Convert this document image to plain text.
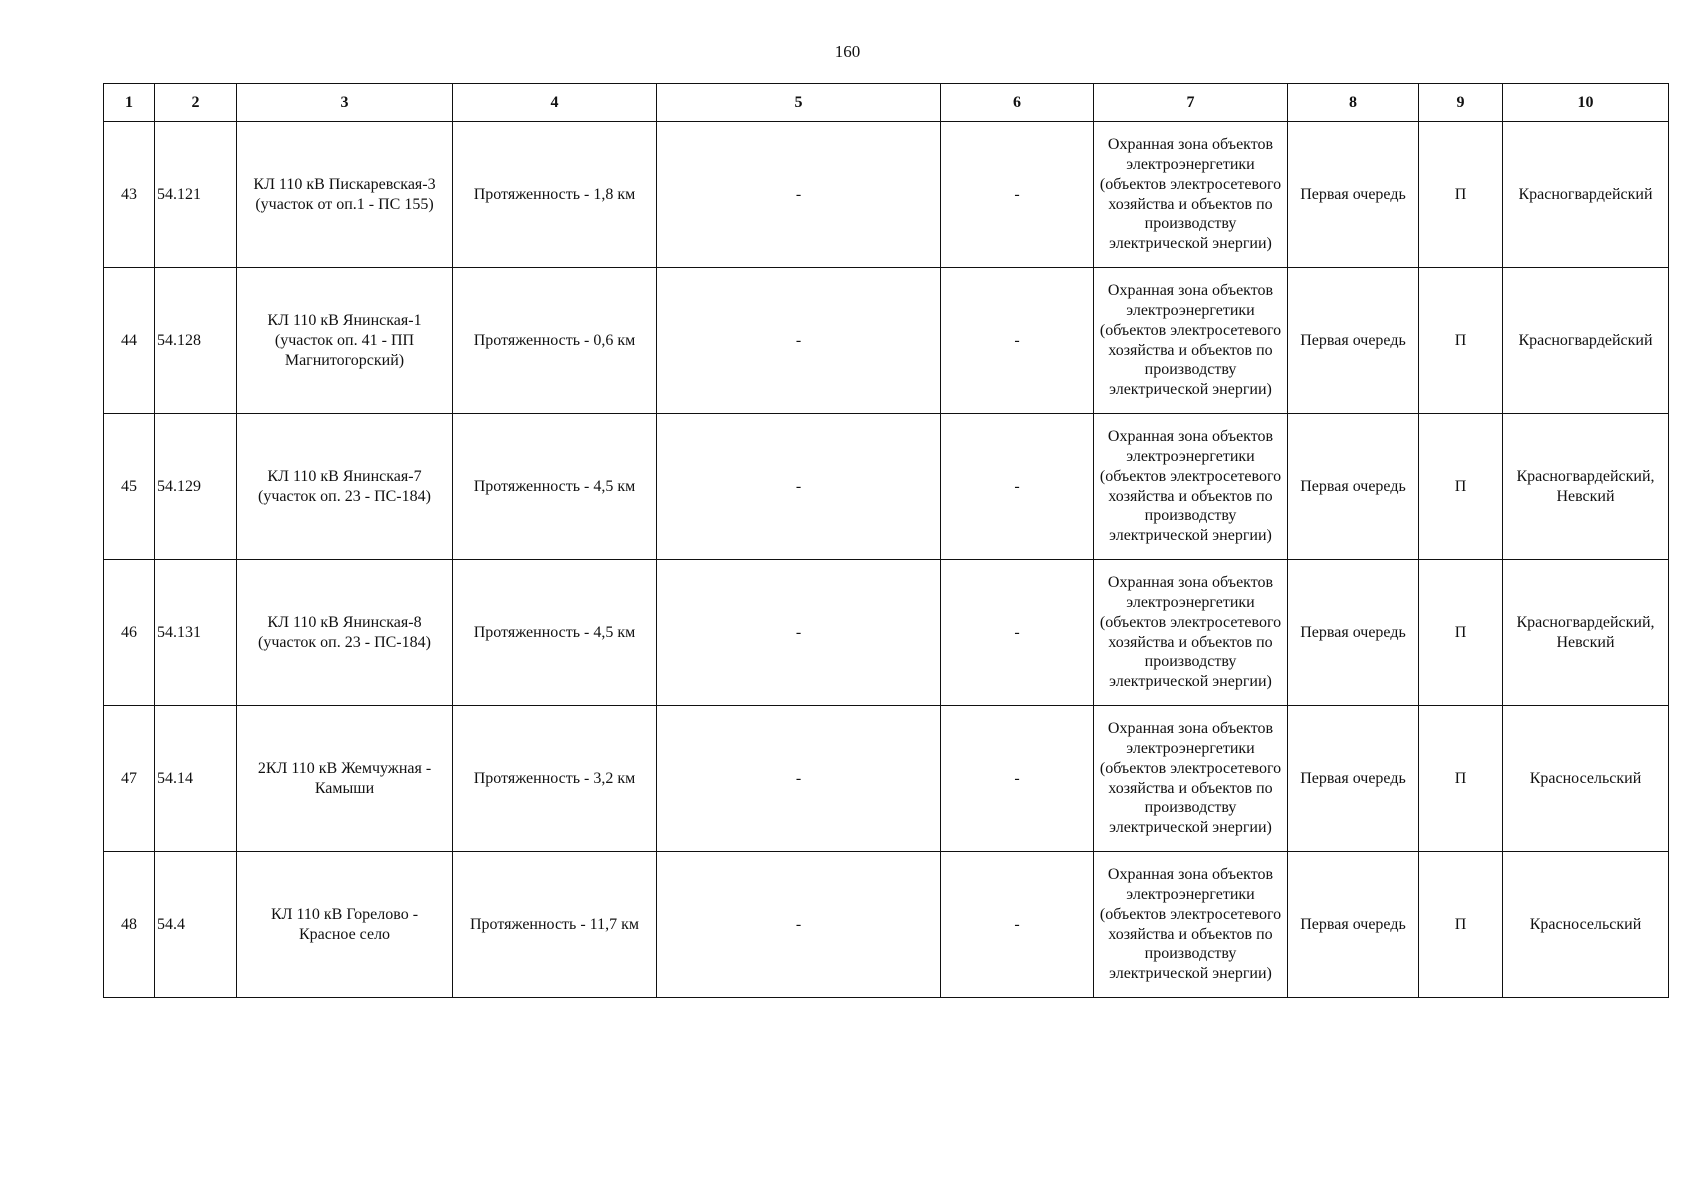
160
1	2	3	4	5	6	7	8	9	10
43	54.121	КЛ 110 кВ Пискаревская-3 (участок от оп.1 - ПС 155)	Протяженность - 1,8 км	-	-	Охранная зона объектов электроэнергетики (объектов электросетевого хозяйства и объектов по производству электрической энергии)	Первая очередь	П	Красногвардейский
44	54.128	КЛ 110 кВ Янинская-1 (участок оп. 41 - ПП Магнитогорский)	Протяженность - 0,6 км	-	-	Охранная зона объектов электроэнергетики (объектов электросетевого хозяйства и объектов по производству электрической энергии)	Первая очередь	П	Красногвардейский
45	54.129	КЛ 110 кВ Янинская-7 (участок оп. 23 - ПС-184)	Протяженность - 4,5 км	-	-	Охранная зона объектов электроэнергетики (объектов электросетевого хозяйства и объектов по производству электрической энергии)	Первая очередь	П	Красногвардейский, Невский
46	54.131	КЛ 110 кВ Янинская-8 (участок оп. 23 - ПС-184)	Протяженность - 4,5 км	-	-	Охранная зона объектов электроэнергетики (объектов электросетевого хозяйства и объектов по производству электрической энергии)	Первая очередь	П	Красногвардейский, Невский
47	54.14	2КЛ 110 кВ Жемчужная - Камыши	Протяженность - 3,2 км	-	-	Охранная зона объектов электроэнергетики (объектов электросетевого хозяйства и объектов по производству электрической энергии)	Первая очередь	П	Красносельский
48	54.4	КЛ 110 кВ Горелово - Красное село	Протяженность - 11,7 км	-	-	Охранная зона объектов электроэнергетики (объектов электросетевого хозяйства и объектов по производству электрической энергии)	Первая очередь	П	Красносельский
